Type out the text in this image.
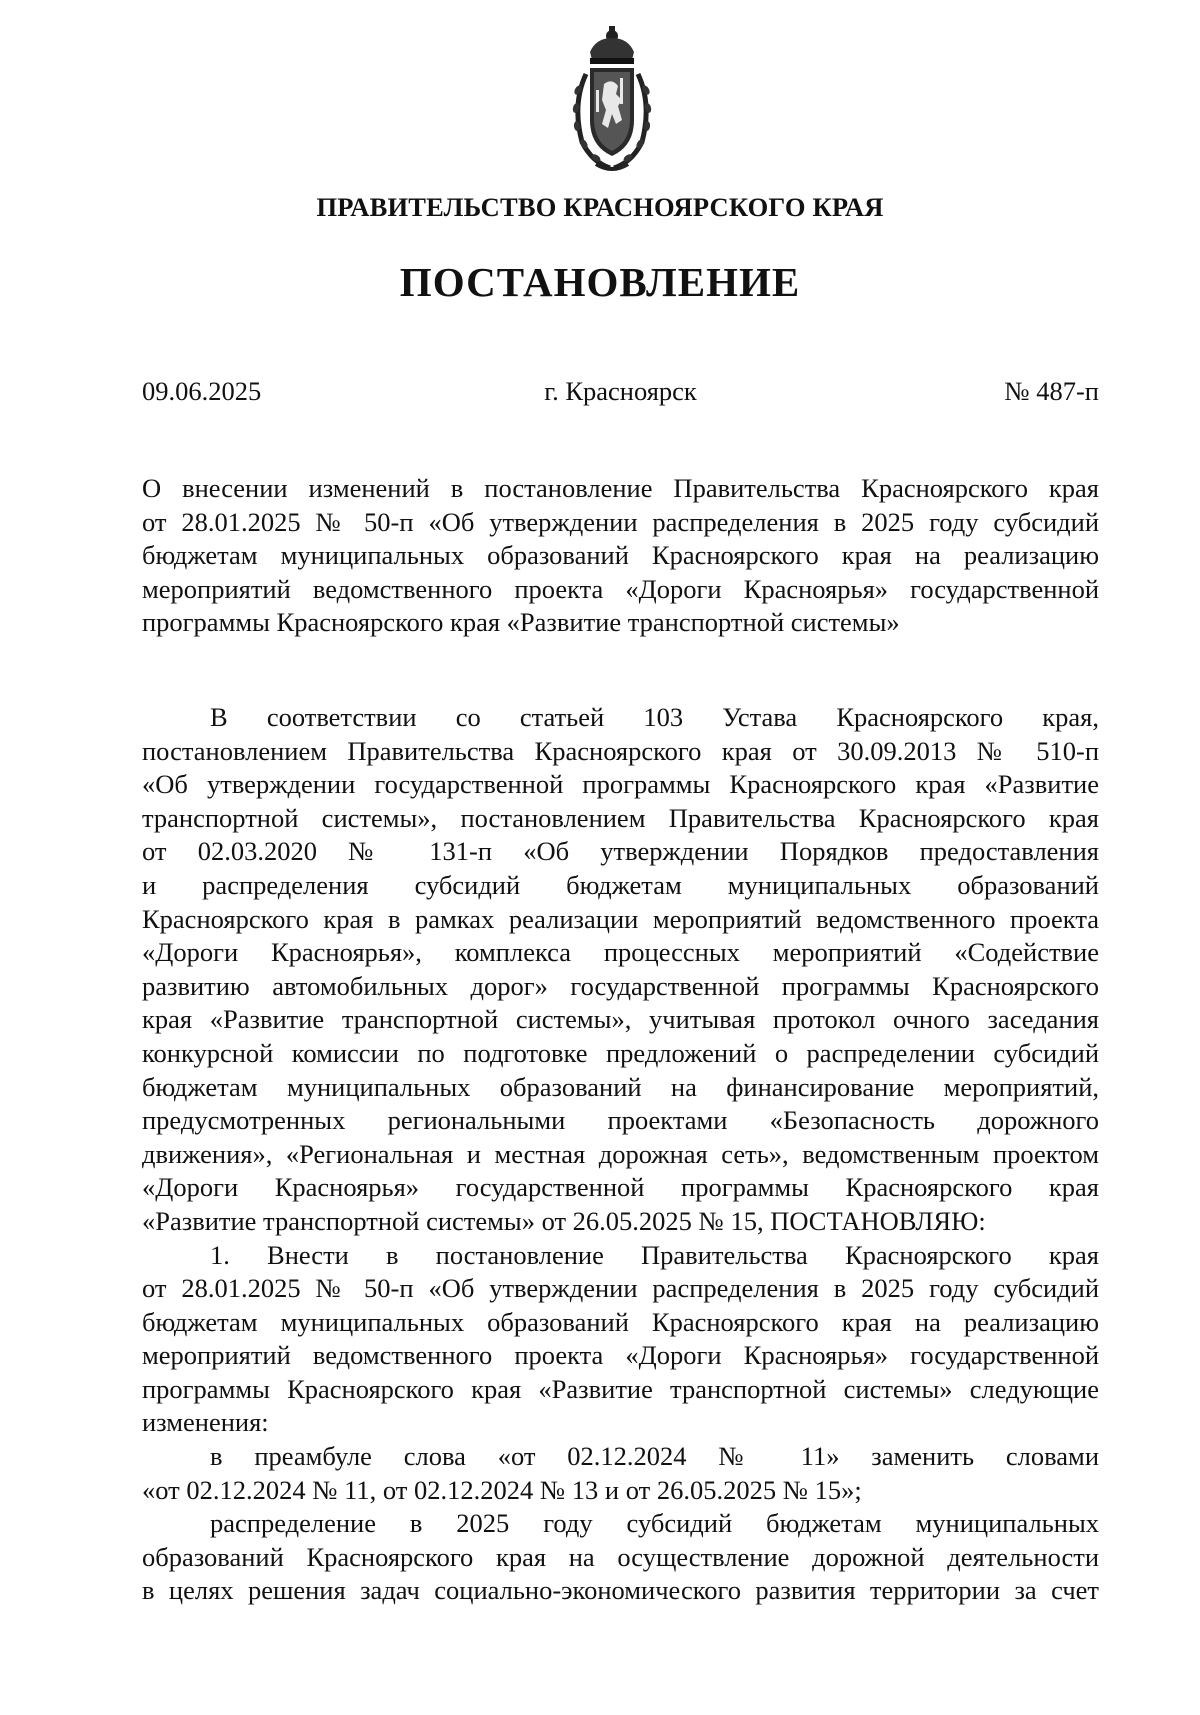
ПРАВИТЕЛЬСТВО КРАСНОЯРСКОГО КРАЯ
ПОСТАНОВЛЕНИЕ
09.06.2025	г. Красноярск	№ 487-п
О внесении изменений в постановление Правительства Красноярского края
от 28.01.2025 № 50-п «Об утверждении распределения в 2025 году субсидий
бюджетам муниципальных образований Красноярского края на реализацию
мероприятий ведомственного проекта «Дороги Красноярья» государственной
программы Красноярского края «Развитие транспортной системы»
В соответствии со статьей 103 Устава Красноярского края,
постановлением Правительства Красноярского края от 30.09.2013 № 510-п
«Об утверждении государственной программы Красноярского края «Развитие
транспортной системы», постановлением Правительства Красноярского края
от 02.03.2020 № 131-п «Об утверждении Порядков предоставления
и распределения субсидий бюджетам муниципальных образований
Красноярского края в рамках реализации мероприятий ведомственного проекта
«Дороги Красноярья», комплекса процессных мероприятий «Содействие
развитию автомобильных дорог» государственной программы Красноярского
края «Развитие транспортной системы», учитывая протокол очного заседания
конкурсной комиссии по подготовке предложений о распределении субсидий
бюджетам муниципальных образований на финансирование мероприятий,
предусмотренных региональными проектами «Безопасность дорожного
движения», «Региональная и местная дорожная сеть», ведомственным проектом
«Дороги Красноярья» государственной программы Красноярского края
«Развитие транспортной системы» от 26.05.2025 № 15, ПОСТАНОВЛЯЮ:
1. Внести в постановление Правительства Красноярского края
от 28.01.2025 № 50-п «Об утверждении распределения в 2025 году субсидий
бюджетам муниципальных образований Красноярского края на реализацию
мероприятий ведомственного проекта «Дороги Красноярья» государственной
программы Красноярского края «Развитие транспортной системы» следующие
изменения:
в преамбуле слова «от 02.12.2024 № 11» заменить словами
«от 02.12.2024 № 11, от 02.12.2024 № 13 и от 26.05.2025 № 15»;
распределение в 2025 году субсидий бюджетам муниципальных
образований Красноярского края на осуществление дорожной деятельности
в целях решения задач социально-экономического развития территории за счет
